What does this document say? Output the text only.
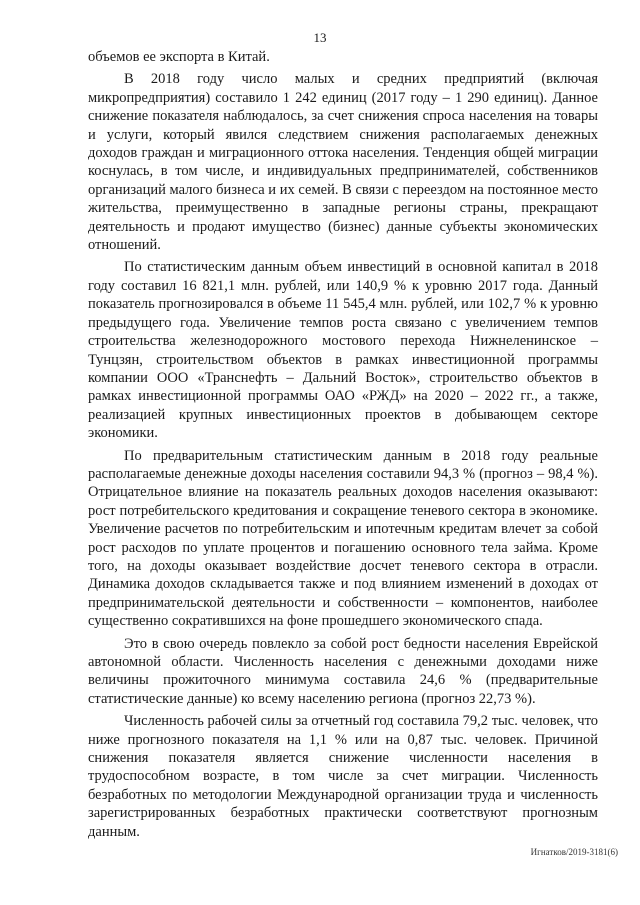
13

объемов ее экспорта в Китай.

В 2018 году число малых и средних предприятий (включая микропредприятия) составило 1 242 единиц (2017 году – 1 290 единиц). Данное снижение показателя наблюдалось, за счет снижения спроса населения на товары и услуги, который явился следствием снижения располагаемых денежных доходов граждан и миграционного оттока населения. Тенденция общей миграции коснулась, в том числе, и индивидуальных предпринимателей, собственников организаций малого бизнеса и их семей. В связи с переездом на постоянное место жительства, преимущественно в западные регионы страны, прекращают деятельность и продают имущество (бизнес) данные субъекты экономических отношений.

По статистическим данным объем инвестиций в основной капитал в 2018 году составил 16 821,1 млн. рублей, или 140,9 % к уровню 2017 года. Данный показатель прогнозировался в объеме 11 545,4 млн. рублей, или 102,7 % к уровню предыдущего года. Увеличение темпов роста связано с увеличением темпов строительства железнодорожного мостового перехода Нижнеленинское – Тунцзян, строительством объектов в рамках инвестиционной программы компании ООО «Транснефть – Дальний Восток», строительство объектов в рамках инвестиционной программы ОАО «РЖД» на 2020 – 2022 гг., а также, реализацией крупных инвестиционных проектов в добывающем секторе экономики.

По предварительным статистическим данным в 2018 году реальные располагаемые денежные доходы населения составили 94,3 % (прогноз – 98,4 %). Отрицательное влияние на показатель реальных доходов населения оказывают: рост потребительского кредитования и сокращение теневого сектора в экономике. Увеличение расчетов по потребительским и ипотечным кредитам влечет за собой рост расходов по уплате процентов и погашению основного тела займа. Кроме того, на доходы оказывает воздействие досчет теневого сектора в отрасли. Динамика доходов складывается также и под влиянием изменений в доходах от предпринимательской деятельности и собственности – компонентов, наиболее существенно сократившихся на фоне прошедшего экономического спада.

Это в свою очередь повлекло за собой рост бедности населения Еврейской автономной области. Численность населения с денежными доходами ниже величины прожиточного минимума составила 24,6 % (предварительные статистические данные) ко всему населению региона (прогноз 22,73 %).

Численность рабочей силы за отчетный год составила 79,2 тыс. человек, что ниже прогнозного показателя на 1,1 % или на 0,87 тыс. человек. Причиной снижения показателя является снижение численности населения в трудоспособном возрасте, в том числе за счет миграции. Численность безработных по методологии Международной организации труда и численность зарегистрированных безработных практически соответствуют прогнозным данным.

Игнатков/2019-3181(6)
